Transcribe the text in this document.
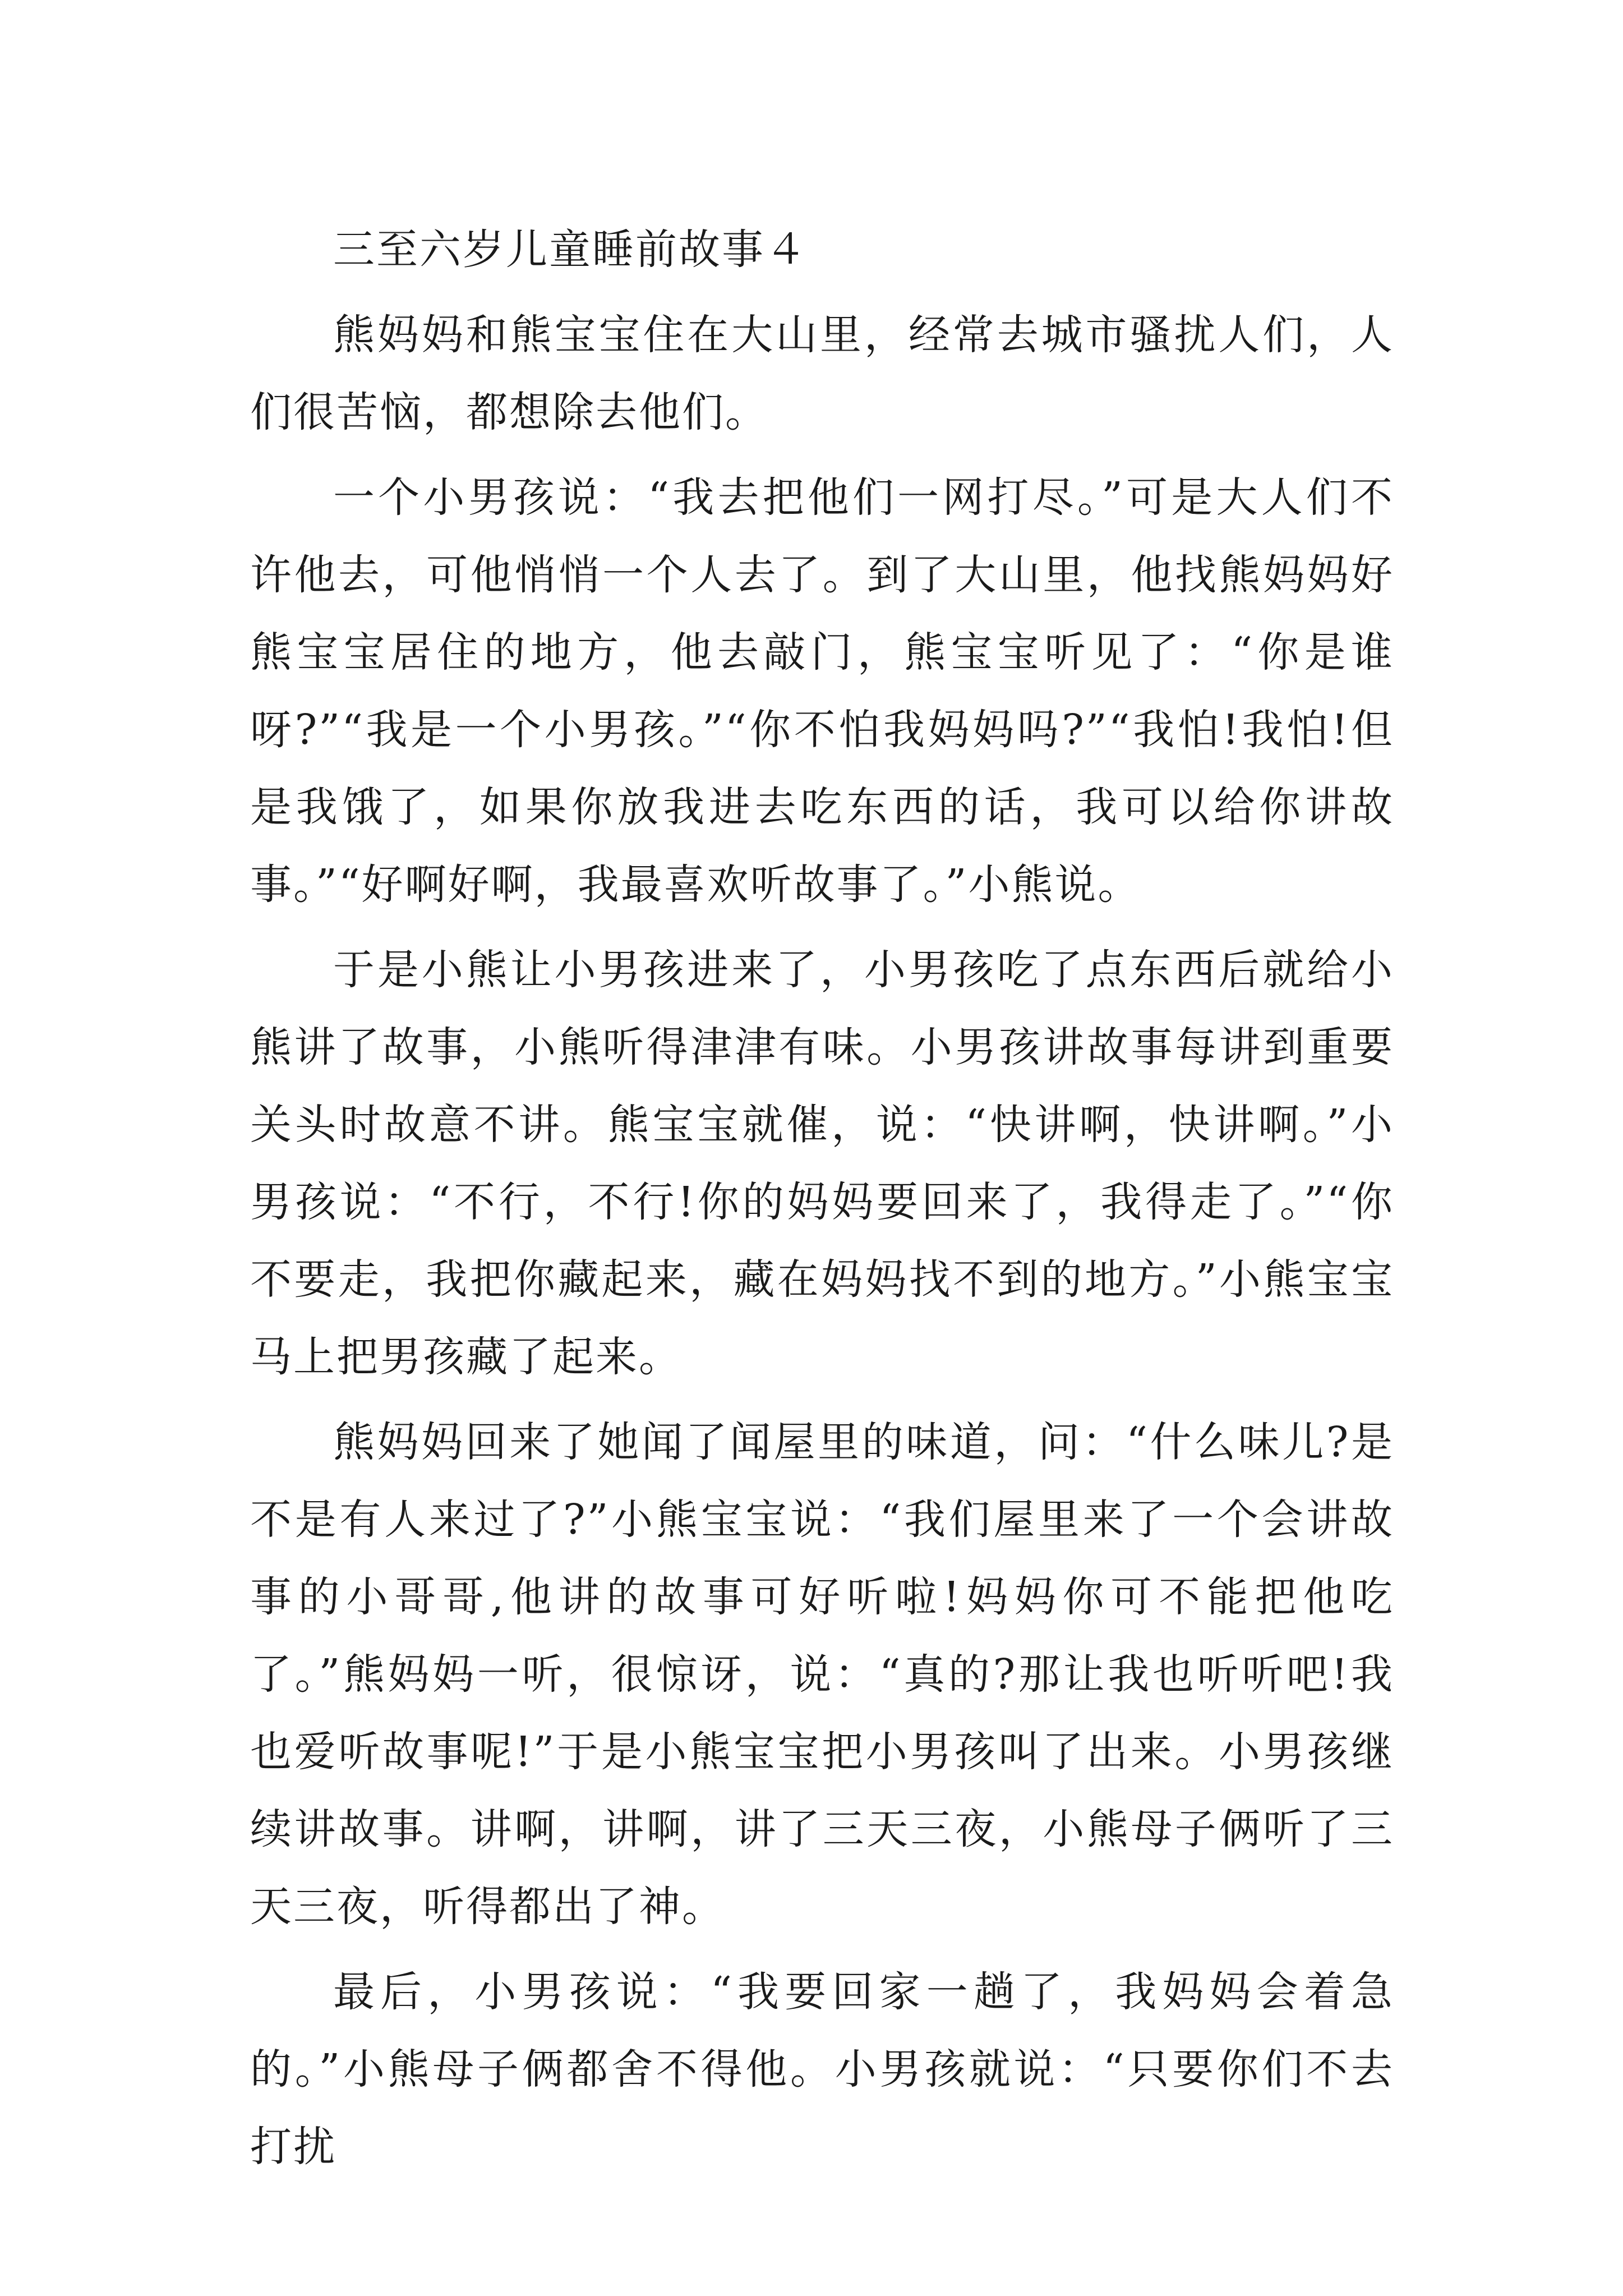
三至六岁儿童睡前故事４

熊妈妈和熊宝宝住在大山里，经常去城市骚扰人们，人们很苦恼，都想除去他们。

一个小男孩说：“我去把他们一网打尽。”可是大人们不许他去，可他悄悄一个人去了。到了大山里，他找熊妈妈好熊宝宝居住的地方，他去敲门，熊宝宝听见了：“你是谁呀?”“我是一个小男孩。”“你不怕我妈妈吗?”“我怕!我怕!但是我饿了，如果你放我进去吃东西的话，我可以给你讲故事。”“好啊好啊，我最喜欢听故事了。”小熊说。

于是小熊让小男孩进来了，小男孩吃了点东西后就给小熊讲了故事，小熊听得津津有味。小男孩讲故事每讲到重要关头时故意不讲。熊宝宝就催，说：“快讲啊，快讲啊。”小男孩说：“不行，不行!你的妈妈要回来了，我得走了。”“你不要走，我把你藏起来，藏在妈妈找不到的地方。”小熊宝宝马上把男孩藏了起来。

熊妈妈回来了她闻了闻屋里的味道，问：“什么味儿?是不是有人来过了?”小熊宝宝说：“我们屋里来了一个会讲故事的小哥哥,他讲的故事可好听啦!妈妈你可不能把他吃了。”熊妈妈一听，很惊讶，说：“真的?那让我也听听吧!我也爱听故事呢!”于是小熊宝宝把小男孩叫了出来。小男孩继续讲故事。讲啊，讲啊，讲了三天三夜，小熊母子俩听了三天三夜，听得都出了神。

最后，小男孩说：“我要回家一趟了，我妈妈会着急的。”小熊母子俩都舍不得他。小男孩就说：“只要你们不去打扰
